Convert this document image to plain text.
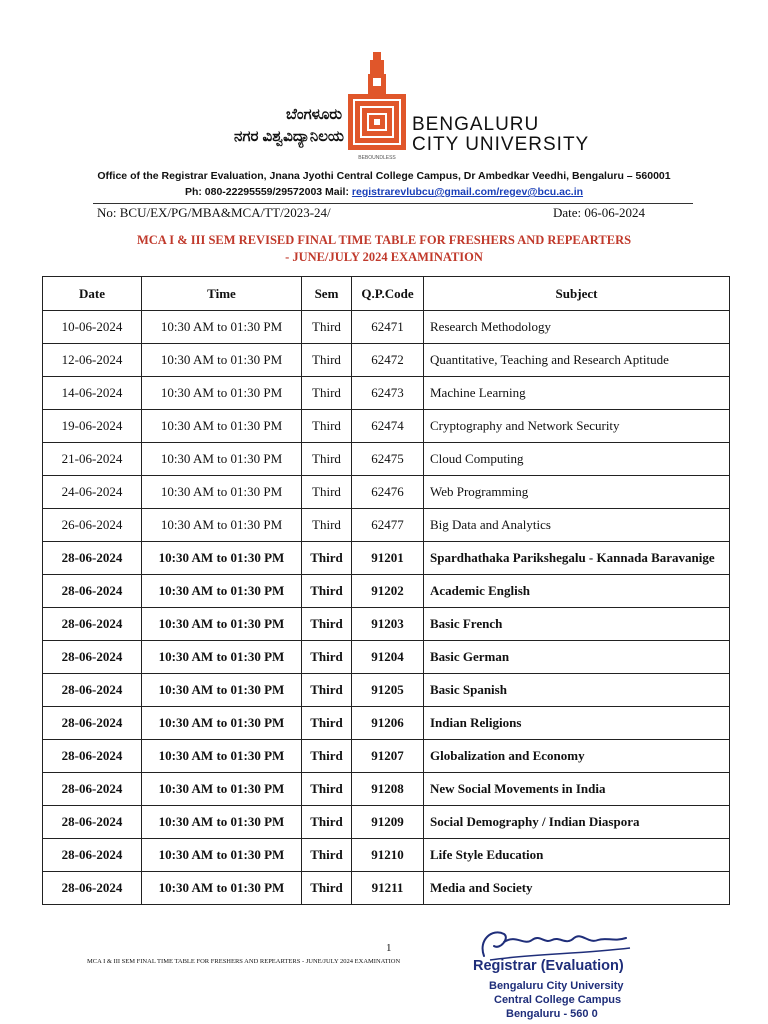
BEBOUNDLESS
ಬೆಂಗಳೂರು
ನಗರ ವಿಶ್ವವಿದ್ಯಾನಿಲಯ
BENGALURU
CITY UNIVERSITY
Office of the Registrar Evaluation, Jnana Jyothi Central College Campus, Dr Ambedkar Veedhi, Bengaluru – 560001
Ph: 080-22295559/29572003 Mail: registrarevlubcu@gmail.com/regev@bcu.ac.in
No: BCU/EX/PG/MBA&MCA/TT/2023-24/	Date: 06-06-2024
MCA I & III SEM REVISED FINAL TIME TABLE FOR FRESHERS AND REPEARTERS
- JUNE/JULY 2024 EXAMINATION
Date	Time	Sem	Q.P.Code	Subject
10-06-2024	10:30 AM to 01:30 PM	Third	62471	Research Methodology
12-06-2024	10:30 AM to 01:30 PM	Third	62472	Quantitative, Teaching and Research Aptitude
14-06-2024	10:30 AM to 01:30 PM	Third	62473	Machine Learning
19-06-2024	10:30 AM to 01:30 PM	Third	62474	Cryptography and Network Security
21-06-2024	10:30 AM to 01:30 PM	Third	62475	Cloud Computing
24-06-2024	10:30 AM to 01:30 PM	Third	62476	Web Programming
26-06-2024	10:30 AM to 01:30 PM	Third	62477	Big Data and Analytics
28-06-2024	10:30 AM to 01:30 PM	Third	91201	Spardhathaka Parikshegalu - Kannada Baravanige
28-06-2024	10:30 AM to 01:30 PM	Third	91202	Academic English
28-06-2024	10:30 AM to 01:30 PM	Third	91203	Basic French
28-06-2024	10:30 AM to 01:30 PM	Third	91204	Basic German
28-06-2024	10:30 AM to 01:30 PM	Third	91205	Basic Spanish
28-06-2024	10:30 AM to 01:30 PM	Third	91206	Indian Religions
28-06-2024	10:30 AM to 01:30 PM	Third	91207	Globalization and Economy
28-06-2024	10:30 AM to 01:30 PM	Third	91208	New Social Movements in India
28-06-2024	10:30 AM to 01:30 PM	Third	91209	Social Demography / Indian Diaspora
28-06-2024	10:30 AM to 01:30 PM	Third	91210	Life Style Education
28-06-2024	10:30 AM to 01:30 PM	Third	91211	Media and Society
1
MCA I & III SEM FINAL TIME TABLE FOR FRESHERS AND REPEARTERS - JUNE/JULY 2024 EXAMINATION	Registrar (Evaluation)
Bengaluru City University
Central College Campus
Bengaluru - 560 0
